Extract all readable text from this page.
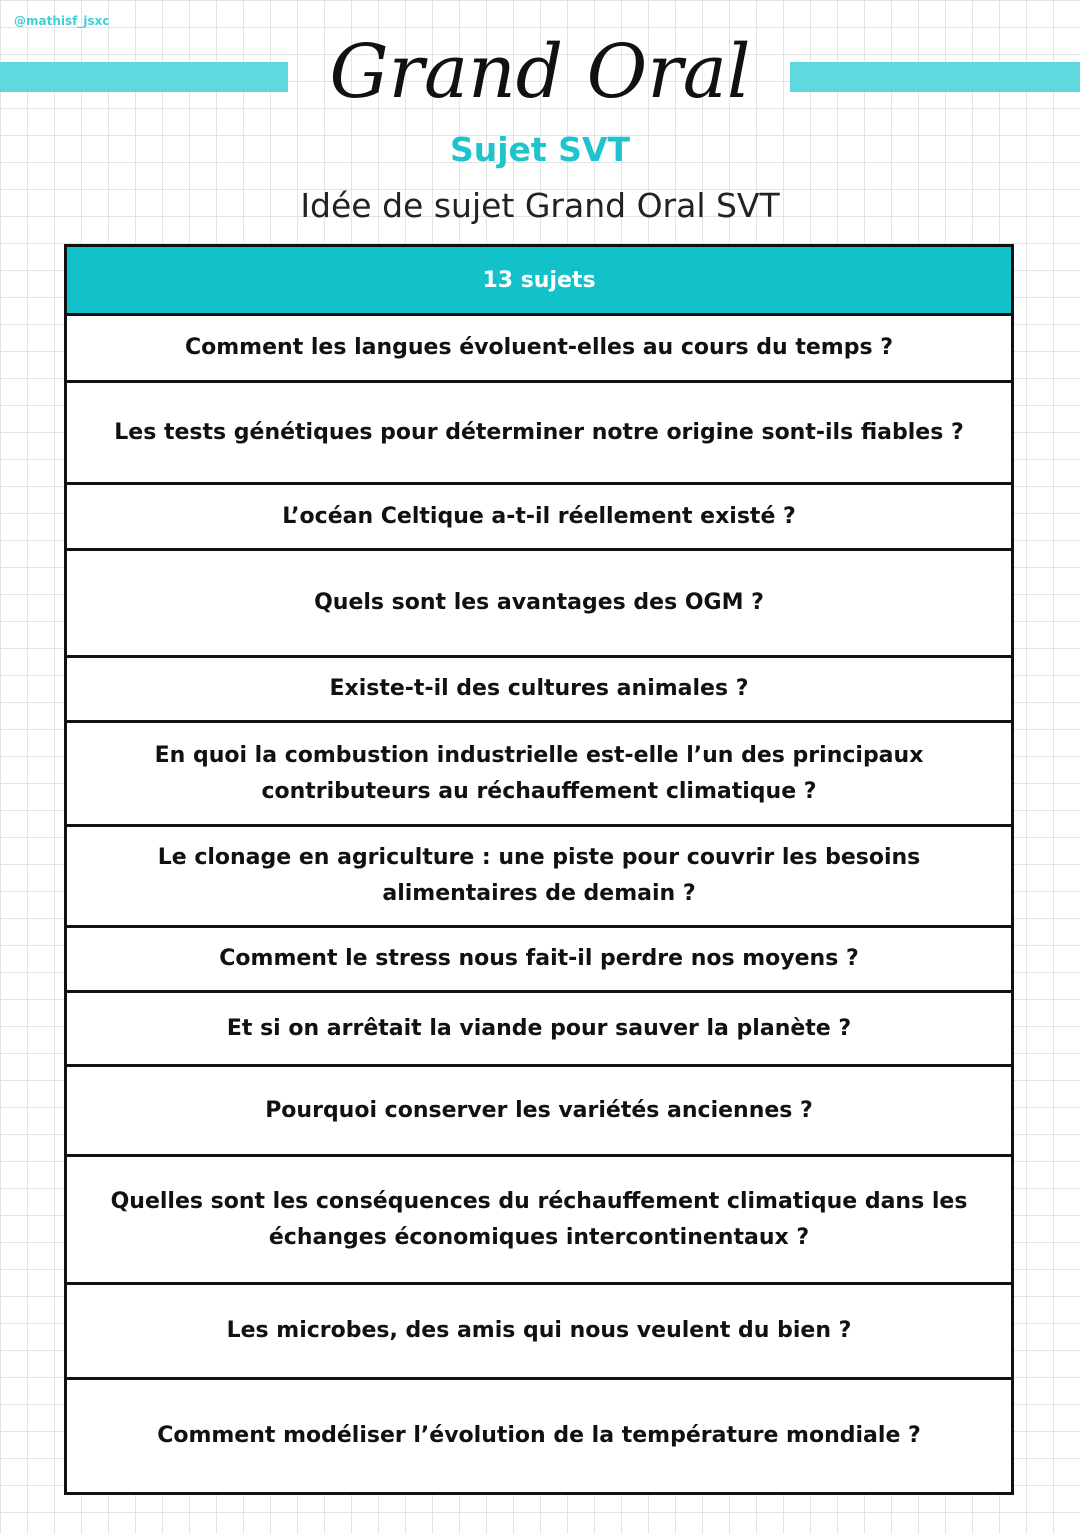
@mathisf_jsxc
Grand Oral
Sujet SVT
Idée de sujet Grand Oral SVT
13 sujets
Comment les langues évoluent-elles au cours du temps ?
Les tests génétiques pour déterminer notre origine sont-ils fiables ?
L’océan Celtique a-t-il réellement existé ?
Quels sont les avantages des OGM ?
Existe-t-il des cultures animales ?
En quoi la combustion industrielle est-elle l’un des principaux contributeurs au réchauffement climatique ?
Le clonage en agriculture : une piste pour couvrir les besoins alimentaires de demain ?
Comment le stress nous fait-il perdre nos moyens ?
Et si on arrêtait la viande pour sauver la planète ?
Pourquoi conserver les variétés anciennes ?
Quelles sont les conséquences du réchauffement climatique dans les échanges économiques intercontinentaux ?
Les microbes, des amis qui nous veulent du bien ?
Comment modéliser l’évolution de la température mondiale ?
